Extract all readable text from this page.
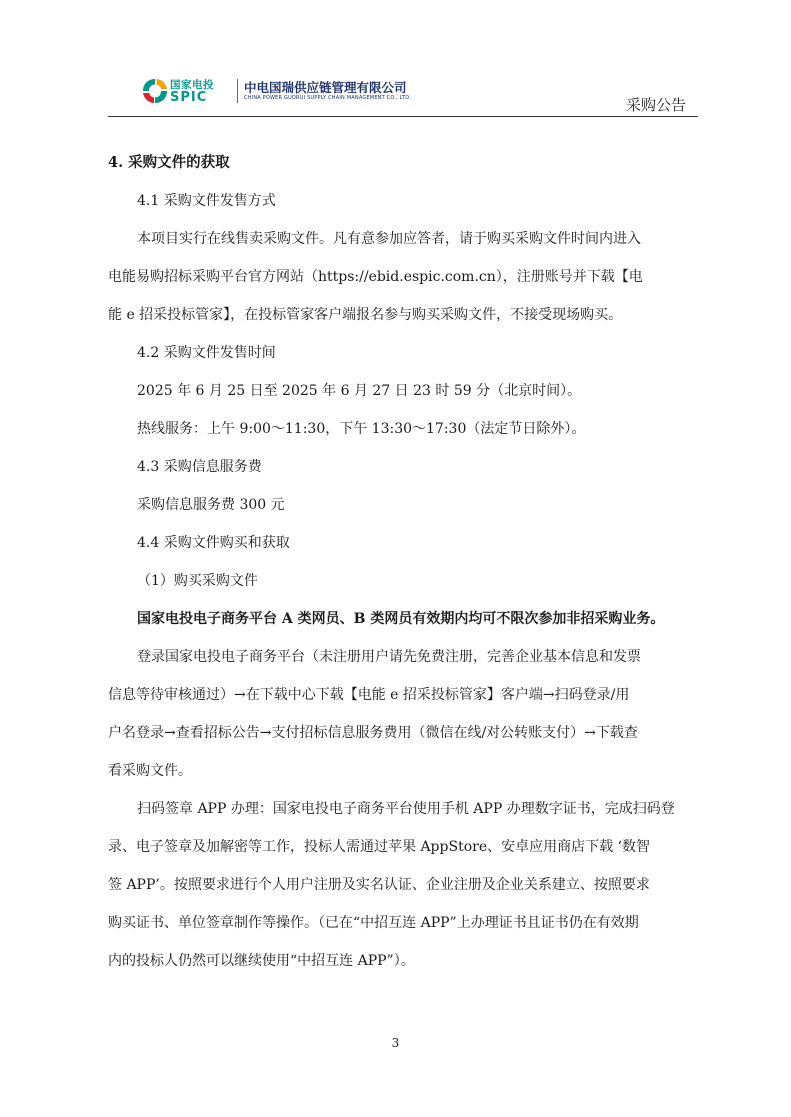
国家电投
SPIC
中电国瑞供应链管理有限公司
CHINA POWER GUORUI SUPPLY CHAIN MANAGEMENT CO., LTD.	采购公告
4. 采购文件的获取
4.1 采购文件发售方式
本项目实行在线售卖采购文件。凡有意参加应答者，请于购买采购文件时间内进入
电能易购招标采购平台官方网站（https://ebid.espic.com.cn），注册账号并下载【电
能 e 招采投标管家】，在投标管家客户端报名参与购买采购文件，不接受现场购买。
4.2 采购文件发售时间
2025 年 6 月 25 日至 2025 年 6 月 27 日 23 时 59 分（北京时间）。
热线服务：上午 9:00～11:30，下午 13:30～17:30（法定节日除外）。
4.3 采购信息服务费
采购信息服务费 300 元
4.4 采购文件购买和获取
（1）购买采购文件
国家电投电子商务平台 A 类网员、B 类网员有效期内均可不限次参加非招采购业务。
登录国家电投电子商务平台（未注册用户请先免费注册，完善企业基本信息和发票
信息等待审核通过）→在下载中心下载【电能 e 招采投标管家】客户端→扫码登录/用
户名登录→查看招标公告→支付招标信息服务费用（微信在线/对公转账支付）→下载查
看采购文件。
扫码签章 APP 办理：国家电投电子商务平台使用手机 APP 办理数字证书，完成扫码登
录、电子签章及加解密等工作，投标人需通过苹果 AppStore、安卓应用商店下载 ‘数智
签 APP’。按照要求进行个人用户注册及实名认证、企业注册及企业关系建立、按照要求
购买证书、单位签章制作等操作。（已在“中招互连 APP”上办理证书且证书仍在有效期
内的投标人仍然可以继续使用“中招互连 APP”）。
3
